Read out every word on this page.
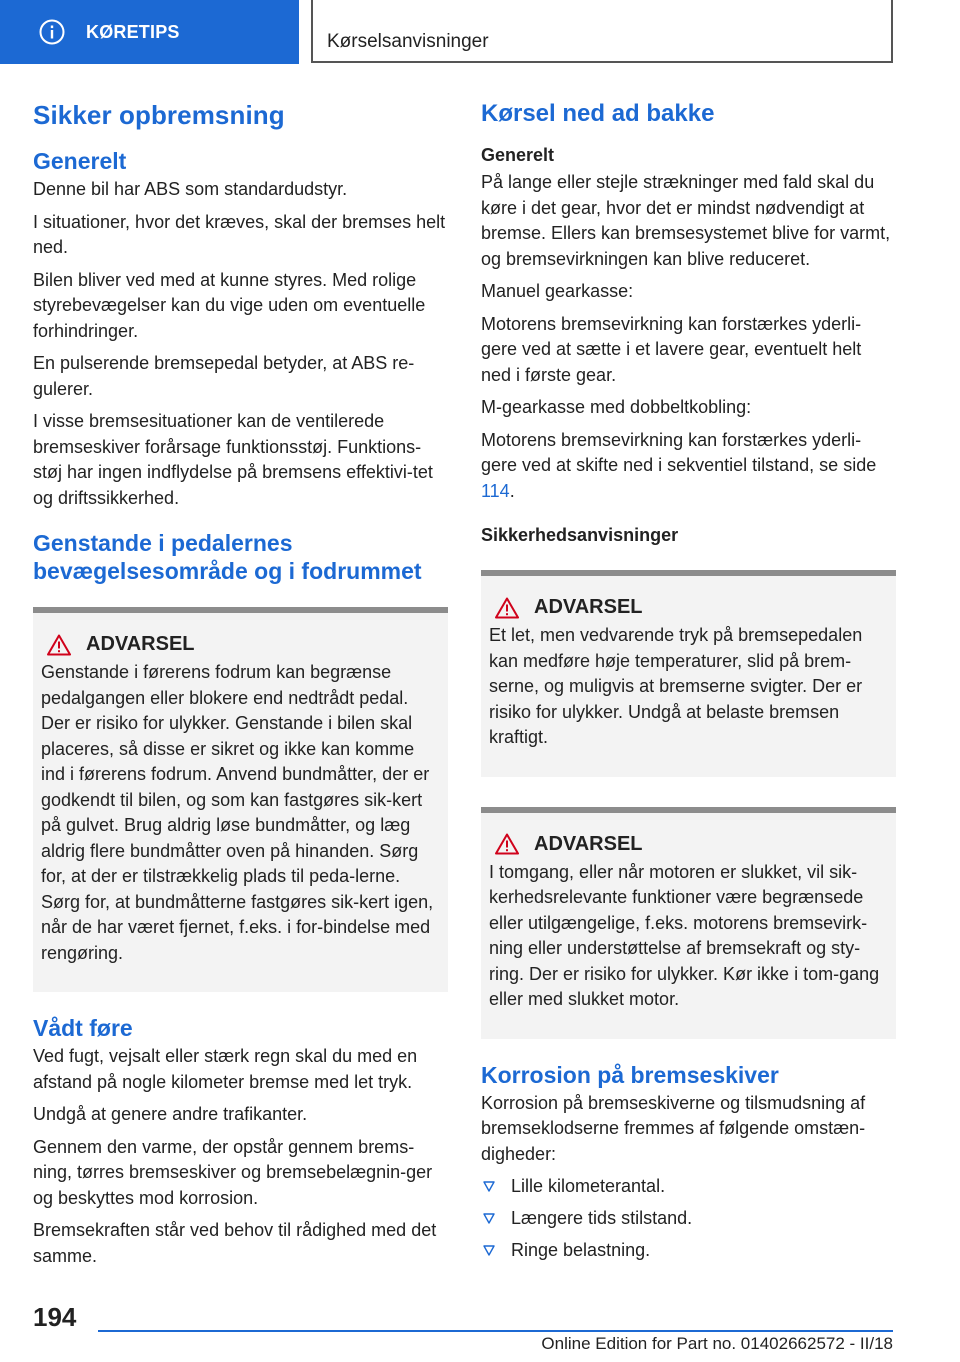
KØRETIPS	Kørselsanvisninger
Sikker opbremsning
Generelt

Denne bil har ABS som standardudstyr.

I situationer, hvor det kræves, skal der bremses helt ned.

Bilen bliver ved med at kunne styres. Med rolige styrebevægelser kan du vige uden om eventuelle forhindringer.

En pulserende bremsepedal betyder, at ABS re‐gulerer.

I visse bremsesituationer kan de ventilerede bremseskiver forårsage funktionsstøj. Funktions‐støj har ingen indflydelse på bremsens effektivi‐tet og driftssikkerhed.

Genstande i pedalernes bevægelsesområde og i fodrummet
ADVARSEL

Genstande i førerens fodrum kan begrænse pedalgangen eller blokere end nedtrådt pedal. Der er risiko for ulykker. Genstande i bilen skal placeres, så disse er sikret og ikke kan komme ind i førerens fodrum. Anvend bundmåtter, der er godkendt til bilen, og som kan fastgøres sik‐kert på gulvet. Brug aldrig løse bundmåtter, og læg aldrig flere bundmåtter oven på hinanden. Sørg for, at der er tilstrækkelig plads til peda‐lerne. Sørg for, at bundmåtterne fastgøres sik‐kert igen, når de har været fjernet, f.eks. i for‐bindelse med rengøring.

Vådt føre

Ved fugt, vejsalt eller stærk regn skal du med en afstand på nogle kilometer bremse med let tryk.

Undgå at genere andre trafikanter.

Gennem den varme, der opstår gennem brems‐ning, tørres bremseskiver og bremsebelægnin‐ger og beskyttes mod korrosion.

Bremsekraften står ved behov til rådighed med det samme.

Kørsel ned ad bakke
Generelt

På lange eller stejle strækninger med fald skal du køre i det gear, hvor det er mindst nødvendigt at bremse. Ellers kan bremsesystemet blive for varmt, og bremsevirkningen kan blive reduceret.

Manuel gearkasse:

Motorens bremsevirkning kan forstærkes yderli‐gere ved at sætte i et lavere gear, eventuelt helt ned i første gear.

M-gearkasse med dobbeltkobling:

Motorens bremsevirkning kan forstærkes yderli‐gere ved at skifte ned i sekventiel tilstand, se side 114.

Sikkerhedsanvisninger
ADVARSEL

Et let, men vedvarende tryk på bremsepedalen kan medføre høje temperaturer, slid på brem‐serne, og muligvis at bremserne svigter. Der er risiko for ulykker. Undgå at belaste bremsen kraftigt.

ADVARSEL

I tomgang, eller når motoren er slukket, vil sik‐kerhedsrelevante funktioner være begrænsede eller utilgængelige, f.eks. motorens bremsevirk‐ning eller understøttelse af bremsekraft og sty‐ring. Der er risiko for ulykker. Kør ikke i tom‐gang eller med slukket motor.

Korrosion på bremseskiver

Korrosion på bremseskiverne og tilsmudsning af bremseklodserne fremmes af følgende omstæn‐digheder:

Lille kilometerantal.
Længere tids stilstand.
Ringe belastning.
194
Online Edition for Part no. 01402662572 - II/18
